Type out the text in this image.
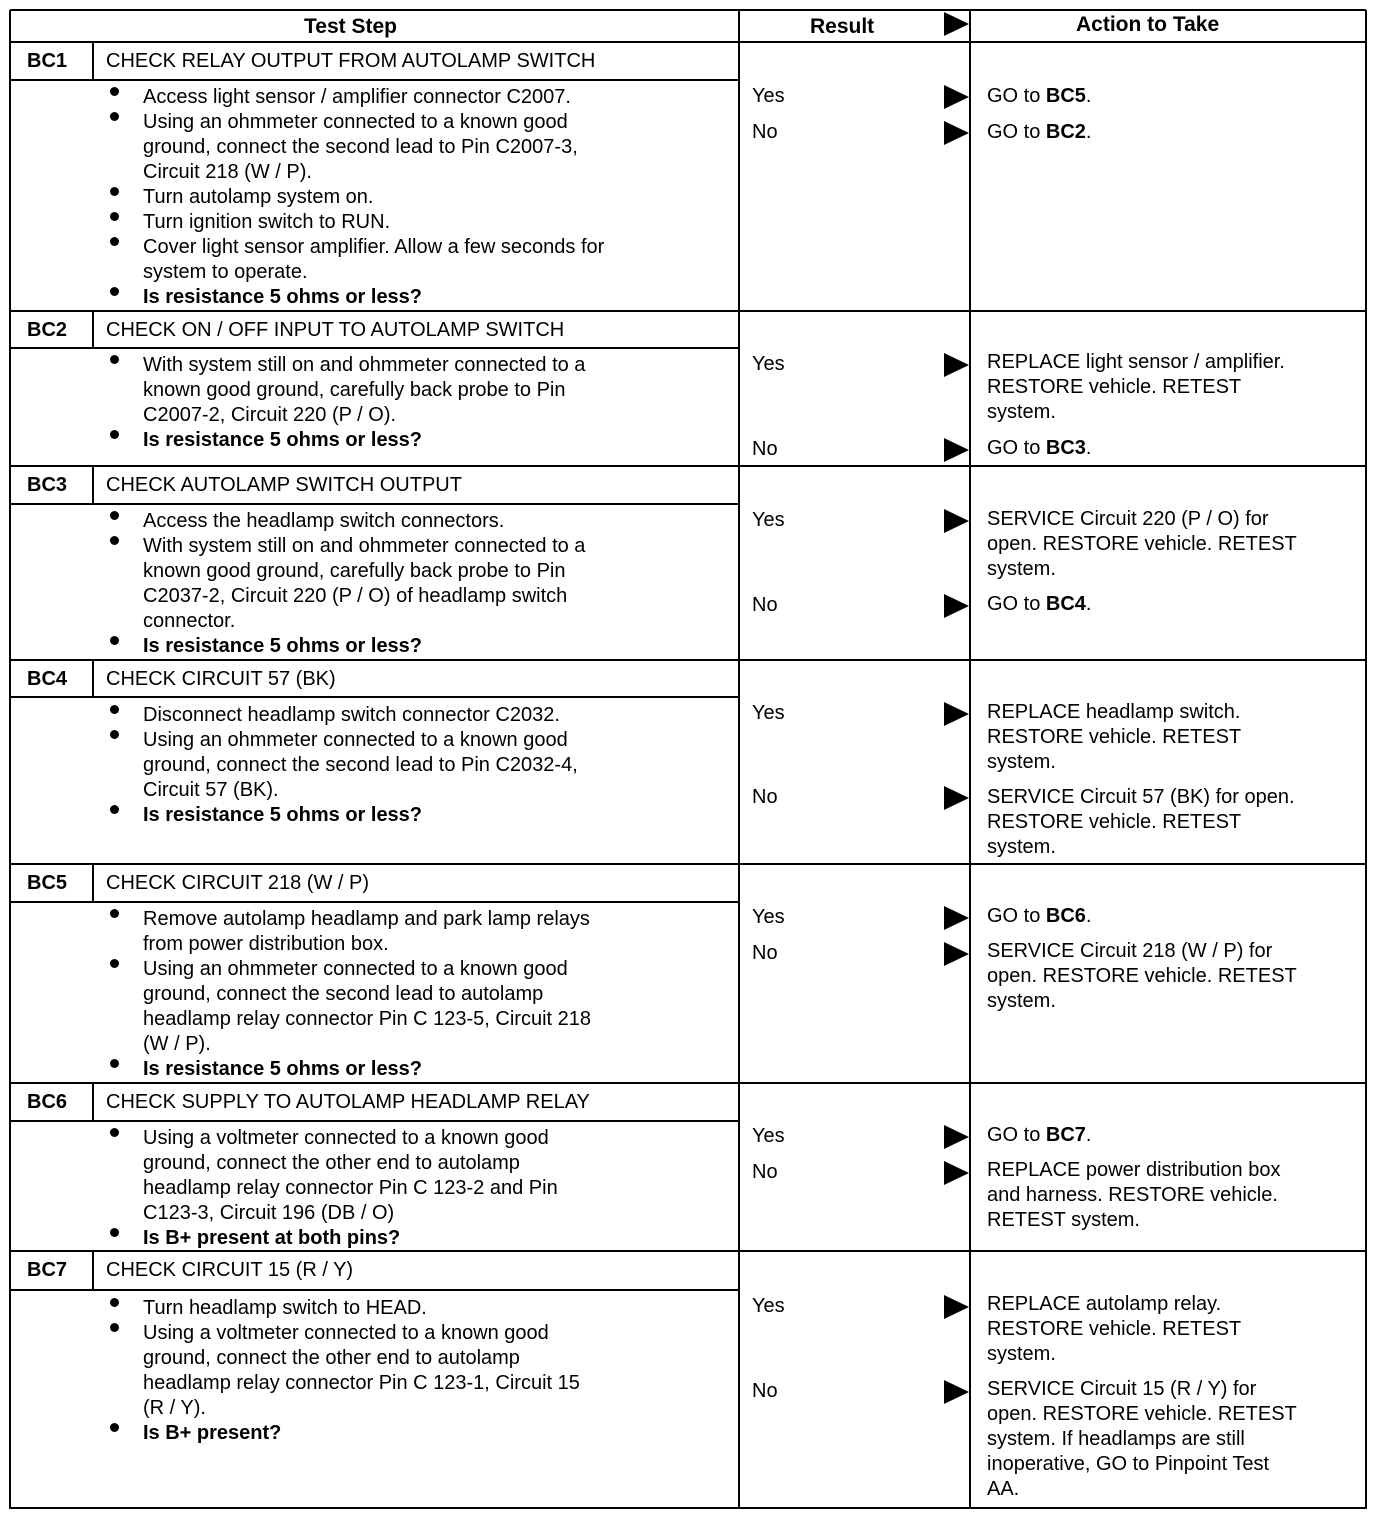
Test Step	Result	Action to Take
BC1 CHECK RELAY OUTPUT FROM AUTOLAMP SWITCH
Access light sensor / amplifier connector C2007.
Using an ohmmeter connected to a known good
ground, connect the second lead to Pin C2007-3,
Circuit 218 (W / P).
Turn autolamp system on.
Turn ignition switch to RUN.
Cover light sensor amplifier. Allow a few seconds for
system to operate.
Is resistance 5 ohms or less?
Yes	GO to BC5.
No	GO to BC2.
BC2 CHECK ON / OFF INPUT TO AUTOLAMP SWITCH
With system still on and ohmmeter connected to a
known good ground, carefully back probe to Pin
C2007-2, Circuit 220 (P / O).
Is resistance 5 ohms or less?
Yes	REPLACE light sensor / amplifier.
RESTORE vehicle. RETEST
system.
No	GO to BC3.
BC3 CHECK AUTOLAMP SWITCH OUTPUT
Access the headlamp switch connectors.
With system still on and ohmmeter connected to a
known good ground, carefully back probe to Pin
C2037-2, Circuit 220 (P / O) of headlamp switch
connector.
Is resistance 5 ohms or less?
Yes	SERVICE Circuit 220 (P / O) for
open. RESTORE vehicle. RETEST
system.
No	GO to BC4.
BC4 CHECK CIRCUIT 57 (BK)
Disconnect headlamp switch connector C2032.
Using an ohmmeter connected to a known good
ground, connect the second lead to Pin C2032-4,
Circuit 57 (BK).
Is resistance 5 ohms or less?
Yes	REPLACE headlamp switch.
RESTORE vehicle. RETEST
system.
No	SERVICE Circuit 57 (BK) for open.
RESTORE vehicle. RETEST
system.
BC5 CHECK CIRCUIT 218 (W / P)
Remove autolamp headlamp and park lamp relays
from power distribution box.
Using an ohmmeter connected to a known good
ground, connect the second lead to autolamp
headlamp relay connector Pin C 123-5, Circuit 218
(W / P).
Is resistance 5 ohms or less?
Yes	GO to BC6.
No	SERVICE Circuit 218 (W / P) for
open. RESTORE vehicle. RETEST
system.
BC6 CHECK SUPPLY TO AUTOLAMP HEADLAMP RELAY
Using a voltmeter connected to a known good
ground, connect the other end to autolamp
headlamp relay connector Pin C 123-2 and Pin
C123-3, Circuit 196 (DB / O)
Is B+ present at both pins?
Yes	GO to BC7.
No	REPLACE power distribution box
and harness. RESTORE vehicle.
RETEST system.
BC7 CHECK CIRCUIT 15 (R / Y)
Turn headlamp switch to HEAD.
Using a voltmeter connected to a known good
ground, connect the other end to autolamp
headlamp relay connector Pin C 123-1, Circuit 15
(R / Y).
Is B+ present?
Yes	REPLACE autolamp relay.
RESTORE vehicle. RETEST
system.
No	SERVICE Circuit 15 (R / Y) for
open. RESTORE vehicle. RETEST
system. If headlamps are still
inoperative, GO to Pinpoint Test
AA.
